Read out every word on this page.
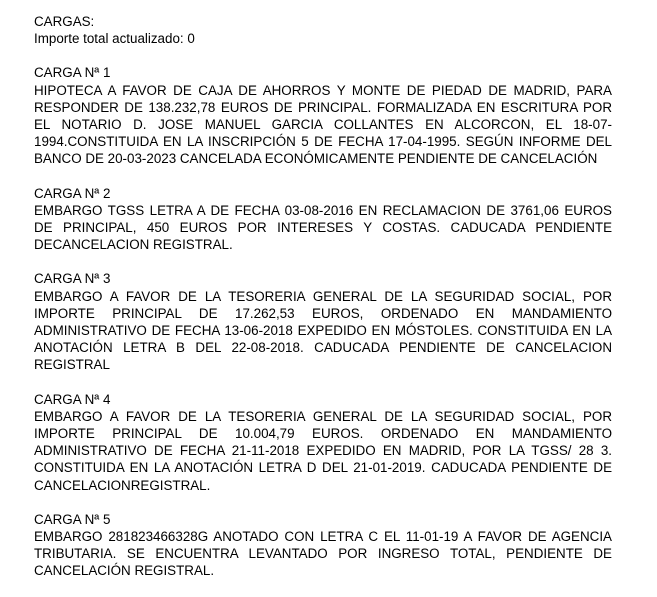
CARGAS:
Importe total actualizado: 0
CARGA Nª 1
HIPOTECA A FAVOR DE CAJA DE AHORROS Y MONTE DE PIEDAD DE MADRID, PARA RESPONDER DE 138.232,78 EUROS DE PRINCIPAL. FORMALIZADA EN ESCRITURA POR EL NOTARIO D. JOSE MANUEL GARCIA COLLANTES EN ALCORCON, EL 18-07-1994.CONSTITUIDA EN LA INSCRIPCIÓN 5 DE FECHA 17-04-1995. SEGÚN INFORME DEL BANCO DE 20-03-2023 CANCELADA ECONÓMICAMENTE PENDIENTE DE CANCELACIÓN
CARGA Nª 2
EMBARGO TGSS LETRA A DE FECHA 03-08-2016 EN RECLAMACION DE 3761,06 EUROS DE PRINCIPAL, 450 EUROS POR INTERESES Y COSTAS. CADUCADA PENDIENTE DECANCELACION REGISTRAL.
CARGA Nª 3
EMBARGO A FAVOR DE LA TESORERIA GENERAL DE LA SEGURIDAD SOCIAL, POR IMPORTE PRINCIPAL DE 17.262,53 EUROS, ORDENADO EN MANDAMIENTO ADMINISTRATIVO DE FECHA 13-06-2018 EXPEDIDO EN MÓSTOLES. CONSTITUIDA EN LA ANOTACIÓN LETRA B DEL 22-08-2018. CADUCADA PENDIENTE DE CANCELACION REGISTRAL
CARGA Nª 4
EMBARGO A FAVOR DE LA TESORERIA GENERAL DE LA SEGURIDAD SOCIAL, POR IMPORTE PRINCIPAL DE 10.004,79 EUROS. ORDENADO EN MANDAMIENTO ADMINISTRATIVO DE FECHA 21-11-2018 EXPEDIDO EN MADRID, POR LA TGSS/ 28 3. CONSTITUIDA EN LA ANOTACIÓN LETRA D DEL 21-01-2019. CADUCADA PENDIENTE DE CANCELACIONREGISTRAL.
CARGA Nª 5
EMBARGO 281823466328G ANOTADO CON LETRA C EL 11-01-19 A FAVOR DE AGENCIA TRIBUTARIA. SE ENCUENTRA LEVANTADO POR INGRESO TOTAL, PENDIENTE DE CANCELACIÓN REGISTRAL.
